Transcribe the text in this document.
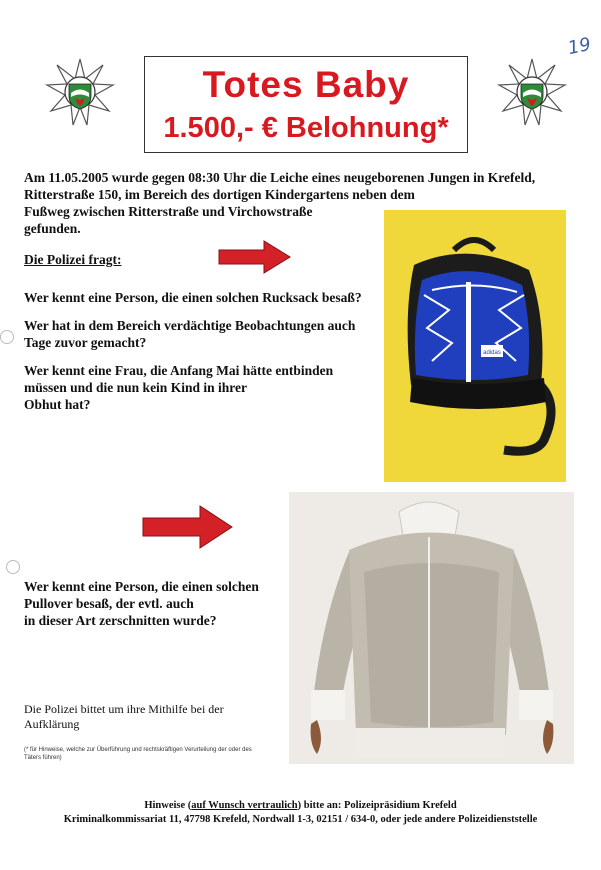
19
Totes Baby
1.500,- € Belohnung*
Am 11.05.2005 wurde gegen 08:30 Uhr die Leiche eines neugeborenen Jungen in Krefeld,
Ritterstraße 150, im Bereich des dortigen Kindergartens neben dem
Fußweg zwischen Ritterstraße und Virchowstraße
gefunden.
Die Polizei fragt:
Wer kennt eine Person, die einen solchen Rucksack besaß?
Wer hat in dem Bereich verdächtige Beobachtungen auch
Tage zuvor gemacht?
Wer kennt eine Frau, die Anfang Mai hätte entbinden
müssen und die nun kein Kind in ihrer
Obhut hat?
adidas
Wer kennt eine Person, die einen solchen
Pullover besaß, der evtl. auch
in dieser Art zerschnitten wurde?
Die Polizei bittet um ihre Mithilfe bei der
Aufklärung
(* für Hinweise, welche zur Überführung und rechtskräftigen Verurteilung der oder des Täters führen)
Hinweise (auf Wunsch vertraulich) bitte an: Polizeipräsidium Krefeld
Kriminalkommissariat 11, 47798 Krefeld, Nordwall 1-3, 02151 / 634-0, oder jede andere Polizeidienststelle
